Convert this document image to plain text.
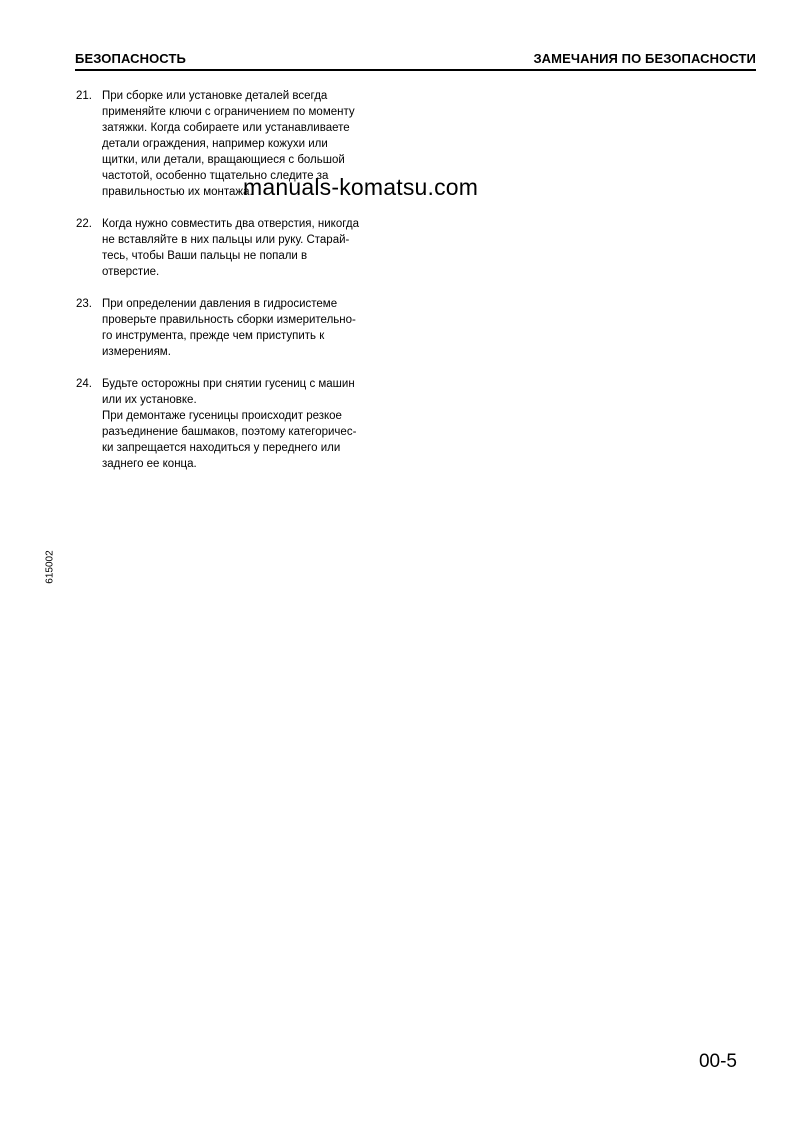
БЕЗОПАСНОСТЬ	ЗАМЕЧАНИЯ ПО БЕЗОПАСНОСТИ
21. При сборке или установке деталей всегда
применяйте ключи с ограничением по моменту
затяжки. Когда собираете или устанавливаете
детали ограждения, например кожухи или
щитки, или детали, вращающиеся с большой
частотой, особенно тщательно следите за
правильностью их монтажа.
22. Когда нужно совместить два отверстия, никогда
не вставляйте в них пальцы или руку. Старай-
тесь, чтобы Ваши пальцы не попали в
отверстие.
23. При определении давления в гидросистеме
проверьте правильность сборки измерительно-
го инструмента, прежде чем приступить к
измерениям.
24. Будьте осторожны при снятии гусениц с машин
или их установке.
При демонтаже гусеницы происходит резкое
разъединение башмаков, поэтому категоричес-
ки запрещается находиться у переднего или
заднего ее конца.
manuals-komatsu.com
615002
00-5
